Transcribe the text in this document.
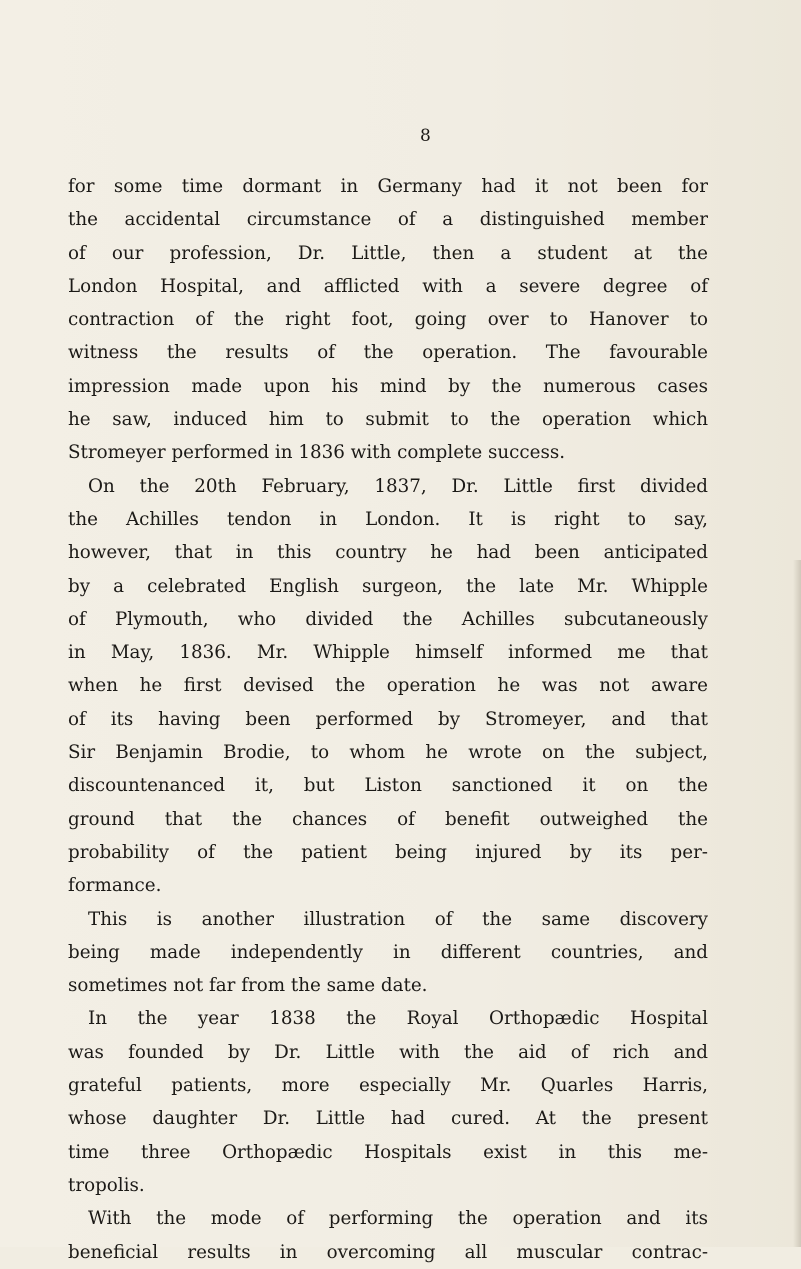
8
for some time dormant in Germany had it not been for
the accidental circumstance of a distinguished member
of our profession, Dr. Little, then a student at the
London Hospital, and afflicted with a severe degree of
contraction of the right foot, going over to Hanover to
witness the results of the operation. The favourable
impression made upon his mind by the numerous cases
he saw, induced him to submit to the operation which
Stromeyer performed in 1836 with complete success.
On the 20th February, 1837, Dr. Little first divided
the Achilles tendon in London. It is right to say,
however, that in this country he had been anticipated
by a celebrated English surgeon, the late Mr. Whipple
of Plymouth, who divided the Achilles subcutaneously
in May, 1836. Mr. Whipple himself informed me that
when he first devised the operation he was not aware
of its having been performed by Stromeyer, and that
Sir Benjamin Brodie, to whom he wrote on the subject,
discountenanced it, but Liston sanctioned it on the
ground that the chances of benefit outweighed the
probability of the patient being injured by its per-
formance.
This is another illustration of the same discovery
being made independently in different countries, and
sometimes not far from the same date.
In the year 1838 the Royal Orthopædic Hospital
was founded by Dr. Little with the aid of rich and
grateful patients, more especially Mr. Quarles Harris,
whose daughter Dr. Little had cured. At the present
time three Orthopædic Hospitals exist in this me-
tropolis.
With the mode of performing the operation and its
beneficial results in overcoming all muscular contrac-
